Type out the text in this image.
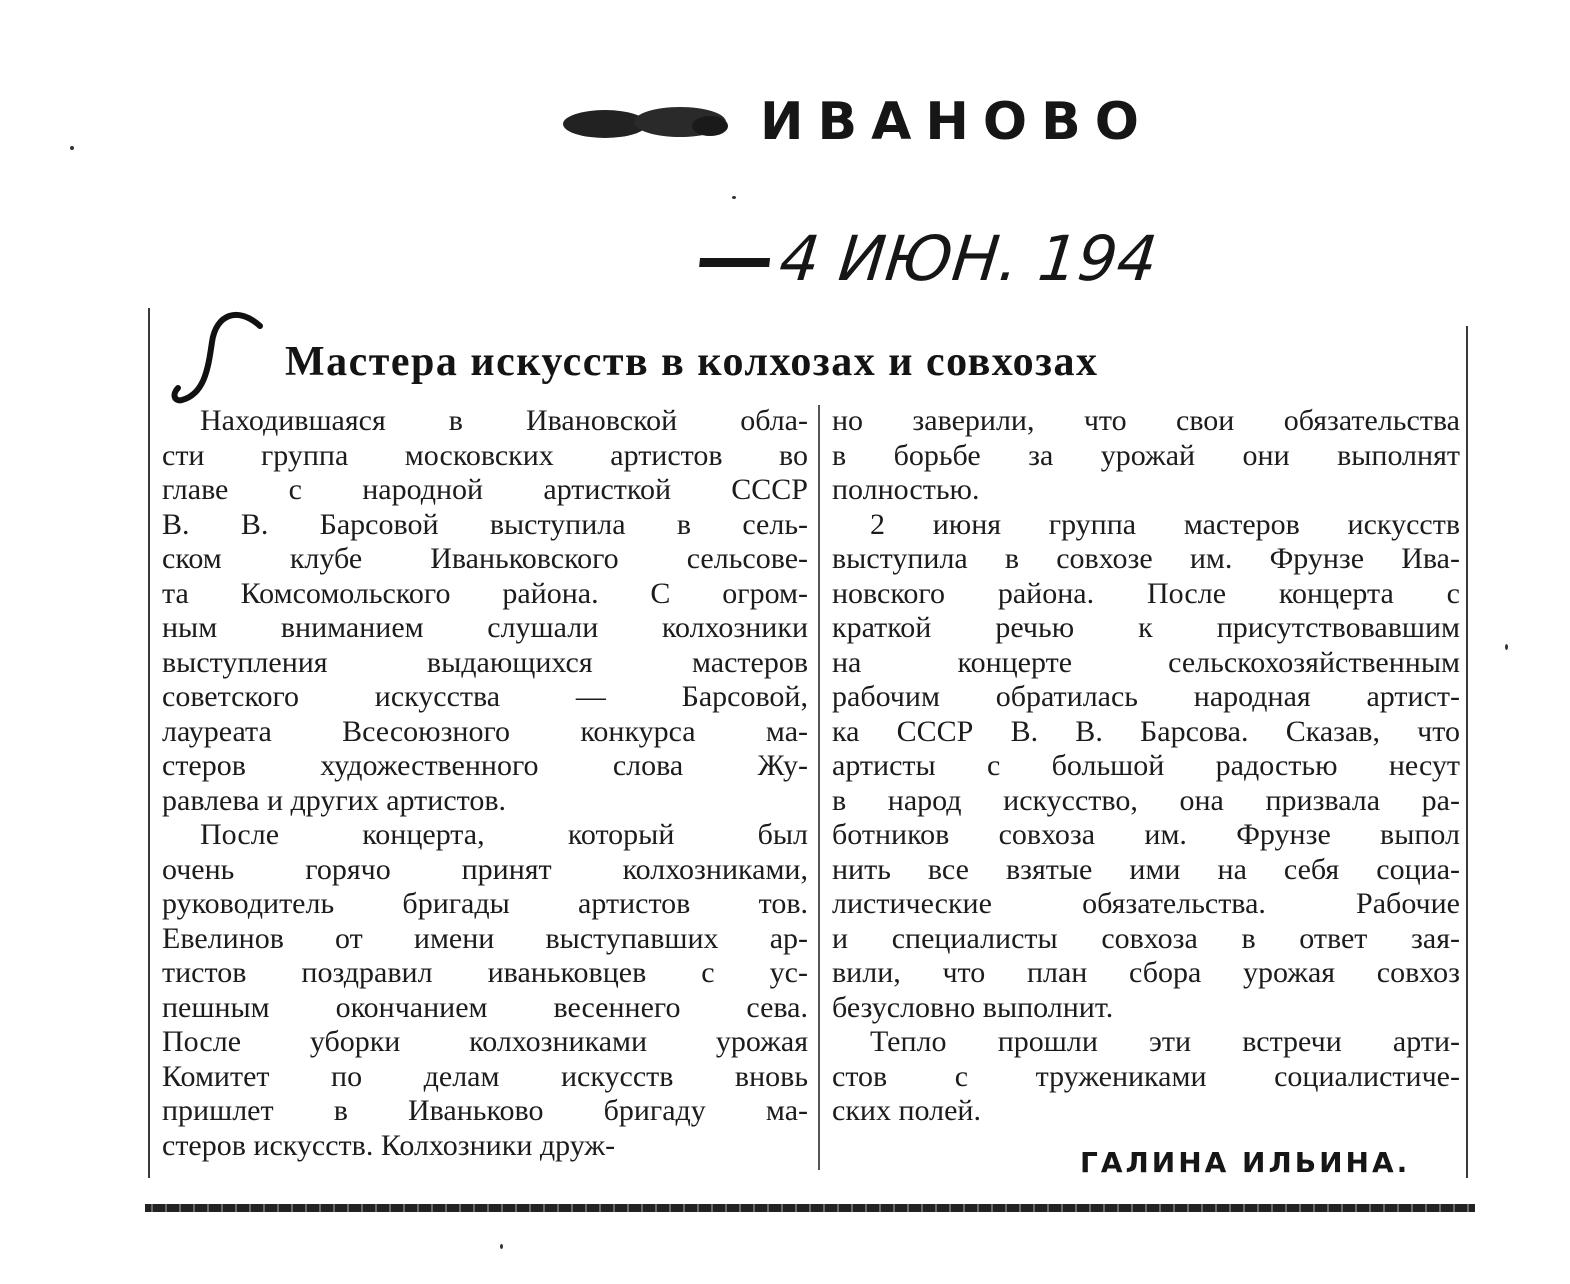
ИВАНОВО
4 ИЮН. 194
Мастера искусств в колхозах и совхозах
Находившаяся в Ивановской обла-
сти группа московских артистов во
главе с народной артисткой СССР
В. В. Барсовой выступила в сель-
ском клубе Иваньковского сельсове-
та Комсомольского района. С огром-
ным вниманием слушали колхозники
выступления выдающихся мастеров
советского искусства — Барсовой,
лауреата Всесоюзного конкурса ма-
стеров художественного слова Жу-
равлева и других артистов.
После концерта, который был
очень горячо принят колхозниками,
руководитель бригады артистов тов.
Евелинов от имени выступавших ар-
тистов поздравил иваньковцев с ус-
пешным окончанием весеннего сева.
После уборки колхозниками урожая
Комитет по делам искусств вновь
пришлет в Иваньково бригаду ма-
стеров искусств. Колхозники друж-
но заверили, что свои обязательства
в борьбе за урожай они выполнят
полностью.
2 июня группа мастеров искусств
выступила в совхозе им. Фрунзе Ива-
новского района. После концерта с
краткой речью к присутствовавшим
на концерте сельскохозяйственным
рабочим обратилась народная артист-
ка СССР В. В. Барсова. Сказав, что
артисты с большой радостью несут
в народ искусство, она призвала ра-
ботников совхоза им. Фрунзе выпол
нить все взятые ими на себя социа-
листические обязательства. Рабочие
и специалисты совхоза в ответ зая-
вили, что план сбора урожая совхоз
безусловно выполнит.
Тепло прошли эти встречи арти-
стов с тружениками социалистиче-
ских полей.
ГАЛИНА ИЛЬИНА.
